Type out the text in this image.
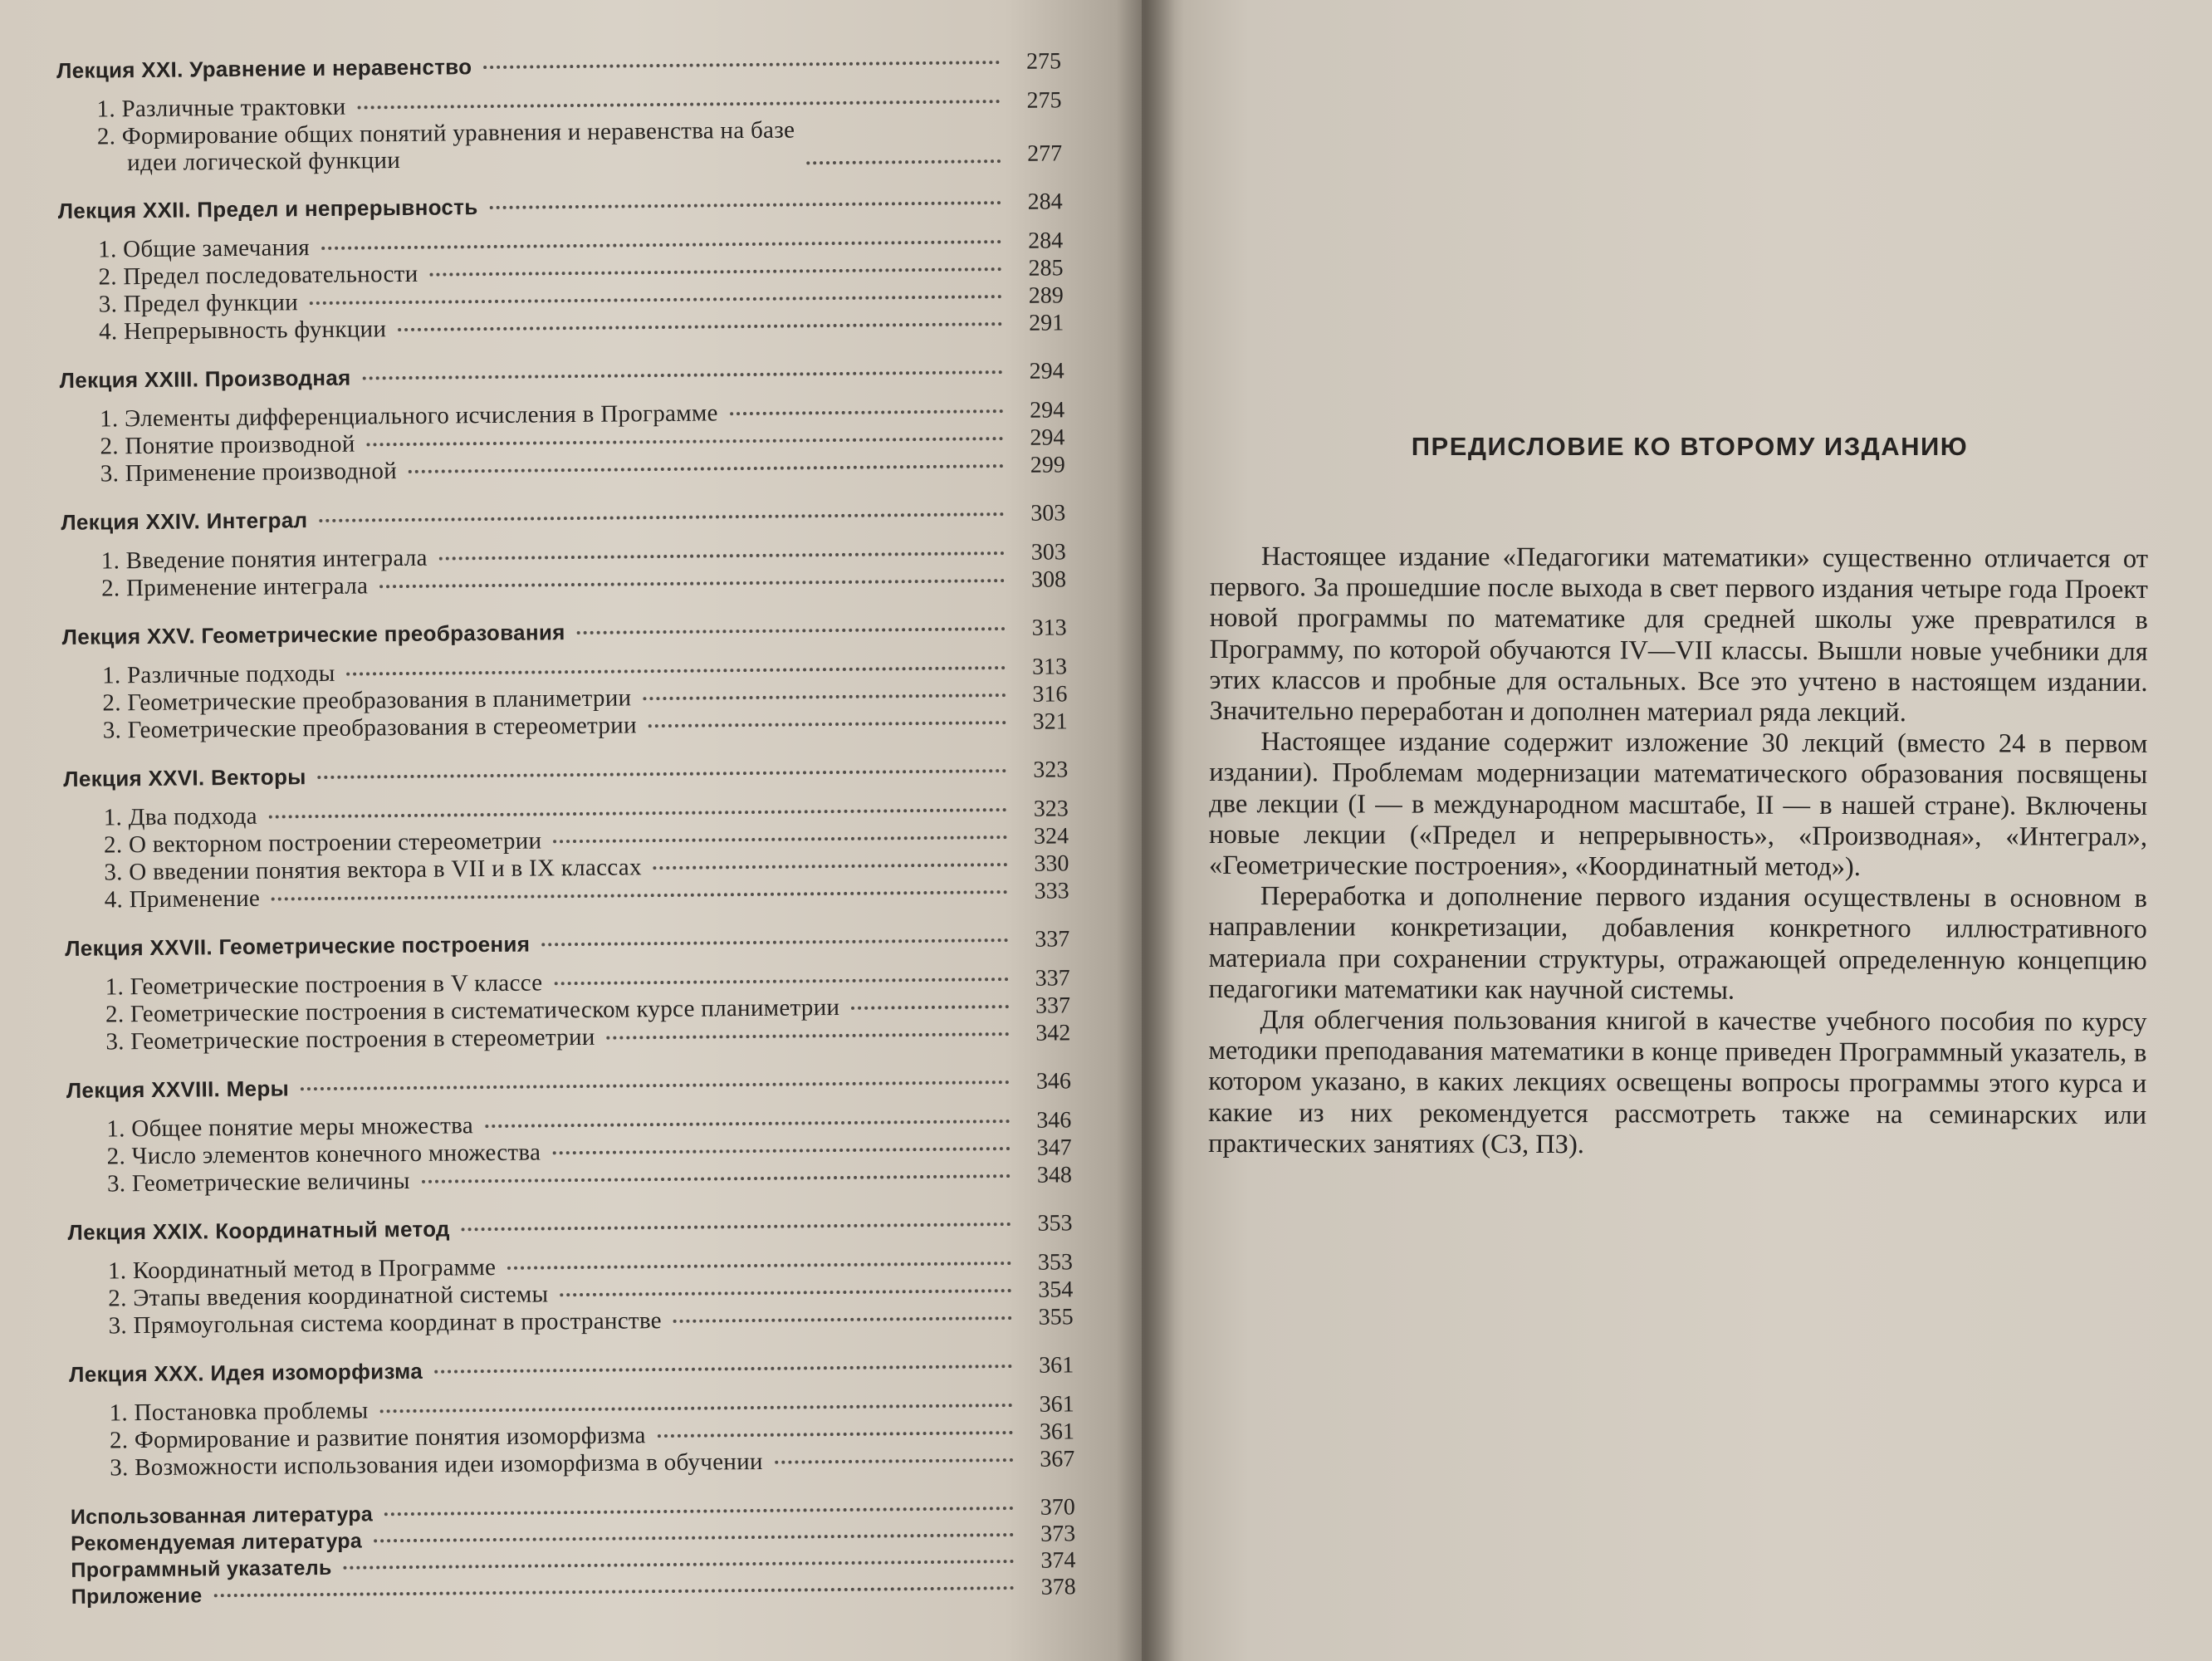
Лекция XXI. Уравнение и неравенство	275
1. Различные трактовки	275
2. Формирование общих понятий уравнения и неравенства на базе
идеи логической функции	277
Лекция XXII. Предел и непрерывность	284
1. Общие замечания	284
2. Предел последовательности	285
3. Предел функции	289
4. Непрерывность функции	291
Лекция XXIII. Производная	294
1. Элементы дифференциального исчисления в Программе	294
2. Понятие производной	294
3. Применение производной	299
Лекция XXIV. Интеграл	303
1. Введение понятия интеграла	303
2. Применение интеграла	308
Лекция XXV. Геометрические преобразования	313
1. Различные подходы	313
2. Геометрические преобразования в планиметрии	316
3. Геометрические преобразования в стереометрии	321
Лекция XXVI. Векторы	323
1. Два подхода	323
2. О векторном построении стереометрии	324
3. О введении понятия вектора в VII и в IX классах	330
4. Применение	333
Лекция XXVII. Геометрические построения	337
1. Геометрические построения в V классе	337
2. Геометрические построения в систематическом курсе планиметрии	337
3. Геометрические построения в стереометрии	342
Лекция XXVIII. Меры	346
1. Общее понятие меры множества	346
2. Число элементов конечного множества	347
3. Геометрические величины	348
Лекция XXIX. Координатный метод	353
1. Координатный метод в Программе	353
2. Этапы введения координатной системы	354
3. Прямоугольная система координат в пространстве	355
Лекция XXX. Идея изоморфизма	361
1. Постановка проблемы	361
2. Формирование и развитие понятия изоморфизма	361
3. Возможности использования идеи изоморфизма в обучении	367
Использованная литература	370
Рекомендуемая литература	373
Программный указатель	374
Приложение	378
ПРЕДИСЛОВИЕ КО ВТОРОМУ ИЗДАНИЮ

Настоящее издание «Педагогики математики» существенно отличается от первого. За прошедшие после выхода в свет первого издания четыре года Проект новой программы по математике для средней школы уже превратился в Программу, по которой обучаются IV—VII классы. Вышли новые учебники для этих классов и пробные для остальных. Все это учтено в настоящем издании. Значительно переработан и дополнен материал ряда лекций.

Настоящее издание содержит изложение 30 лекций (вместо 24 в первом издании). Проблемам модернизации математического образования посвящены две лекции (I — в международном масштабе, II — в нашей стране). Включены новые лекции («Предел и непрерывность», «Производная», «Интеграл», «Геометрические построения», «Координатный метод»).

Переработка и дополнение первого издания осуществлены в основном в направлении конкретизации, добавления конкретного иллюстративного материала при сохранении структуры, отражающей определенную концепцию педагогики математики как научной системы.

Для облегчения пользования книгой в качестве учебного пособия по курсу методики преподавания математики в конце приведен Программный указатель, в котором указано, в каких лекциях освещены вопросы программы этого курса и какие из них рекомендуется рассмотреть также на семинарских или практических занятиях (СЗ, ПЗ).
